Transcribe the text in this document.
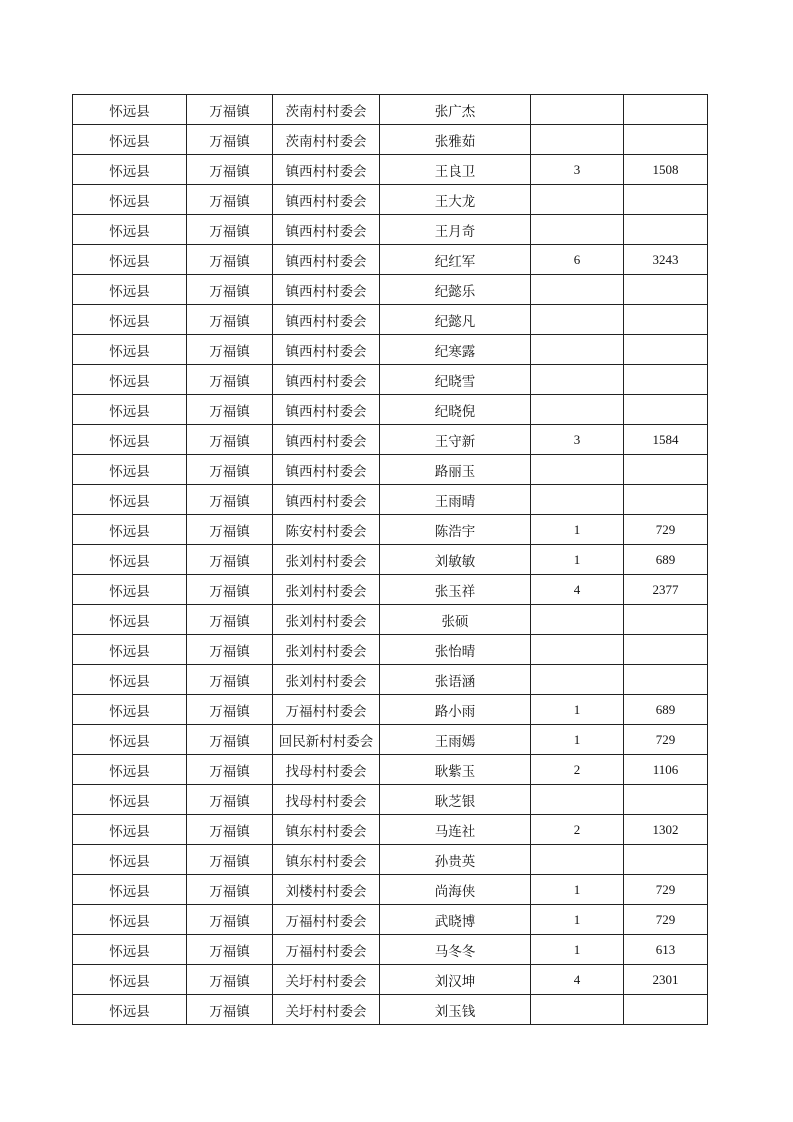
怀远县	万福镇	茨南村村委会	张广杰		
怀远县	万福镇	茨南村村委会	张雅茹		
怀远县	万福镇	镇西村村委会	王良卫	3	1508
怀远县	万福镇	镇西村村委会	王大龙		
怀远县	万福镇	镇西村村委会	王月奇		
怀远县	万福镇	镇西村村委会	纪红军	6	3243
怀远县	万福镇	镇西村村委会	纪懿乐		
怀远县	万福镇	镇西村村委会	纪懿凡		
怀远县	万福镇	镇西村村委会	纪寒露		
怀远县	万福镇	镇西村村委会	纪晓雪		
怀远县	万福镇	镇西村村委会	纪晓倪		
怀远县	万福镇	镇西村村委会	王守新	3	1584
怀远县	万福镇	镇西村村委会	路丽玉		
怀远县	万福镇	镇西村村委会	王雨晴		
怀远县	万福镇	陈安村村委会	陈浩宇	1	729
怀远县	万福镇	张刘村村委会	刘敏敏	1	689
怀远县	万福镇	张刘村村委会	张玉祥	4	2377
怀远县	万福镇	张刘村村委会	张硕		
怀远县	万福镇	张刘村村委会	张怡晴		
怀远县	万福镇	张刘村村委会	张语涵		
怀远县	万福镇	万福村村委会	路小雨	1	689
怀远县	万福镇	回民新村村委会	王雨嫣	1	729
怀远县	万福镇	找母村村委会	耿紫玉	2	1106
怀远县	万福镇	找母村村委会	耿芝银		
怀远县	万福镇	镇东村村委会	马连社	2	1302
怀远县	万福镇	镇东村村委会	孙贵英		
怀远县	万福镇	刘楼村村委会	尚海侠	1	729
怀远县	万福镇	万福村村委会	武晓博	1	729
怀远县	万福镇	万福村村委会	马冬冬	1	613
怀远县	万福镇	关圩村村委会	刘汉坤	4	2301
怀远县	万福镇	关圩村村委会	刘玉钱		
